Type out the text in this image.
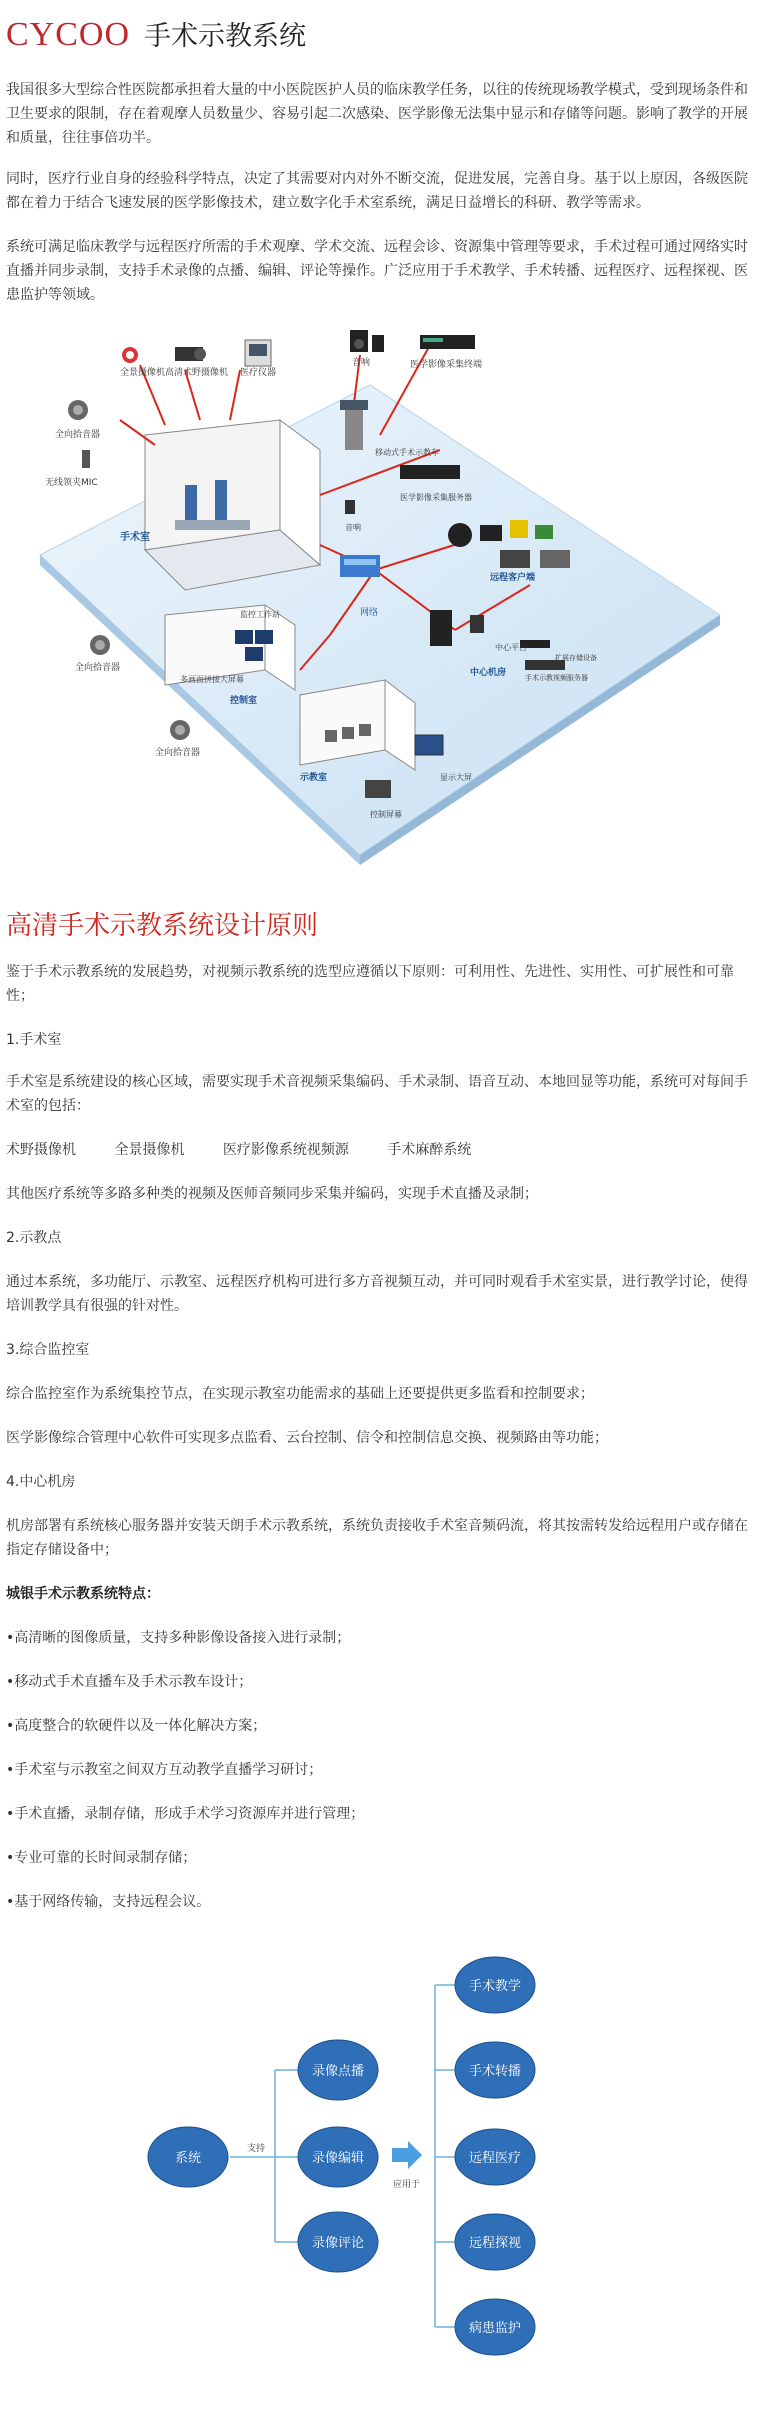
CYCOO 手术示教系统
我国很多大型综合性医院都承担着大量的中小医院医护人员的临床教学任务，以往的传统现场教学模式，受到现场条件和卫生要求的限制，存在着观摩人员数量少、容易引起二次感染、医学影像无法集中显示和存储等问题。影响了教学的开展和质量，往往事倍功半。
同时，医疗行业自身的经验科学特点，决定了其需要对内对外不断交流，促进发展，完善自身。基于以上原因，各级医院都在着力于结合飞速发展的医学影像技术，建立数字化手术室系统，满足日益增长的科研、教学等需求。
系统可满足临床教学与远程医疗所需的手术观摩、学术交流、远程会诊、资源集中管理等要求，手术过程可通过网络实时直播并同步录制，支持手术录像的点播、编辑、评论等操作。广泛应用于手术教学、手术转播、远程医疗、远程探视、医患监护等领域。
全景摄像机 高清术野摄像机 医疗仪器
音响	医学影像采集终端
全向拾音器
无线领夹MIC
手术室
移动式手术示教车
医学影像采集服务器
音响
远程客户端
网络
监控工作站
多画面拼接大屏幕
控制室
全向拾音器
中心平台
扩展存储设备
手术示教视频服务器
中心机房
显示大屏
示教室
控制屏幕
全向拾音器
高清手术示教系统设计原则
鉴于手术示教系统的发展趋势，对视频示教系统的选型应遵循以下原则：可利用性、先进性、实用性、可扩展性和可靠性；
1.手术室
手术室是系统建设的核心区域，需要实现手术音视频采集编码、手术录制、语音互动、本地回显等功能，系统可对每间手术室的包括：
术野摄像机	全景摄像机	医疗影像系统视频源	手术麻醉系统
其他医疗系统等多路多种类的视频及医师音频同步采集并编码，实现手术直播及录制；
2.示教点
通过本系统，多功能厅、示教室、远程医疗机构可进行多方音视频互动，并可同时观看手术室实景，进行教学讨论，使得培训教学具有很强的针对性。
3.综合监控室
综合监控室作为系统集控节点，在实现示教室功能需求的基础上还要提供更多监看和控制要求；
医学影像综合管理中心软件可实现多点监看、云台控制、信令和控制信息交换、视频路由等功能；
4.中心机房
机房部署有系统核心服务器并安装天朗手术示教系统，系统负责接收手术室音频码流，将其按需转发给远程用户或存储在指定存储设备中；
城银手术示教系统特点：
•高清晰的图像质量，支持多种影像设备接入进行录制；
•移动式手术直播车及手术示教车设计；
•高度整合的软硬件以及一体化解决方案；
•手术室与示教室之间双方互动教学直播学习研讨；
•手术直播，录制存储，形成手术学习资源库并进行管理；
•专业可靠的长时间录制存储；
•基于网络传输，支持远程会议。
支持
应用于
系统
录像点播
录像编辑
录像评论
手术教学
手术转播
远程医疗
远程探视
病患监护
